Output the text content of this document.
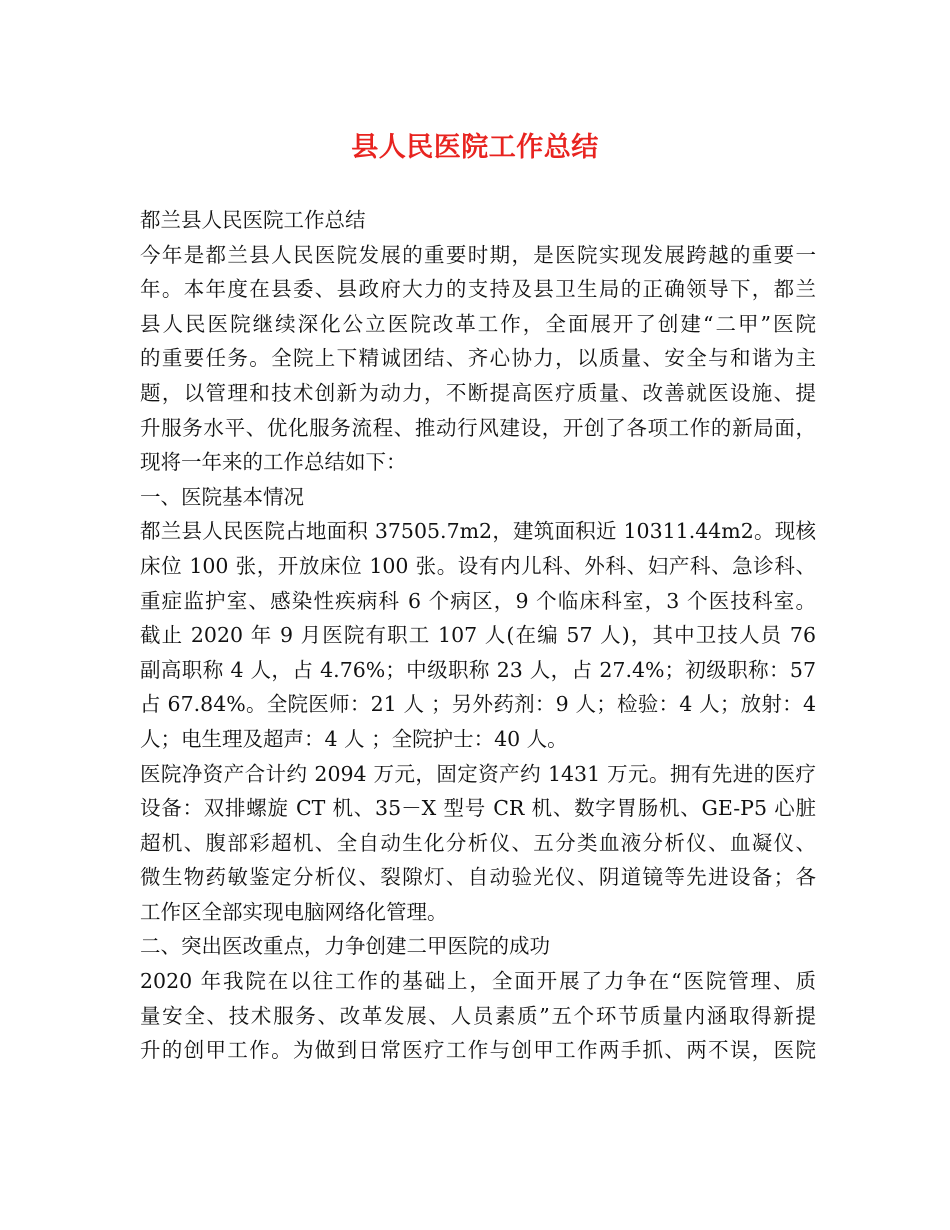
县人民医院工作总结
都兰县人民医院工作总结
今年是都兰县人民医院发展的重要时期，是医院实现发展跨越的重要一
年。本年度在县委、县政府大力的支持及县卫生局的正确领导下，都兰
县人民医院继续深化公立医院改革工作，全面展开了创建“二甲”医院
的重要任务。全院上下精诚团结、齐心协力，以质量、安全与和谐为主
题，以管理和技术创新为动力，不断提高医疗质量、改善就医设施、提
升服务水平、优化服务流程、推动行风建设，开创了各项工作的新局面，
现将一年来的工作总结如下：
一、医院基本情况
都兰县人民医院占地面积 37505.7m2，建筑面积近 10311.44m2。现核
床位 100 张，开放床位 100 张。设有内儿科、外科、妇产科、急诊科、
重症监护室、感染性疾病科 6 个病区，9 个临床科室，3 个医技科室。
截止 2020 年 9 月医院有职工 107 人(在编 57 人)，其中卫技人员 76
副高职称 4 人，占 4.76%；中级职称 23 人，占 27.4%；初级职称：57
占 67.84%。全院医师：21 人 ；另外药剂：9 人；检验：4 人；放射：4
人；电生理及超声：4 人 ；全院护士：40 人。
医院净资产合计约 2094 万元，固定资产约 1431 万元。拥有先进的医疗
设备：双排螺旋 CT 机、35－X 型号 CR 机、数字胃肠机、GE-P5 心脏
超机、腹部彩超机、全自动生化分析仪、五分类血液分析仪、血凝仪、
微生物药敏鉴定分析仪、裂隙灯、自动验光仪、阴道镜等先进设备；各
工作区全部实现电脑网络化管理。
二、突出医改重点，力争创建二甲医院的成功
2020 年我院在以往工作的基础上，全面开展了力争在“医院管理、质
量安全、技术服务、改革发展、人员素质”五个环节质量内涵取得新提
升的创甲工作。为做到日常医疗工作与创甲工作两手抓、两不误，医院
